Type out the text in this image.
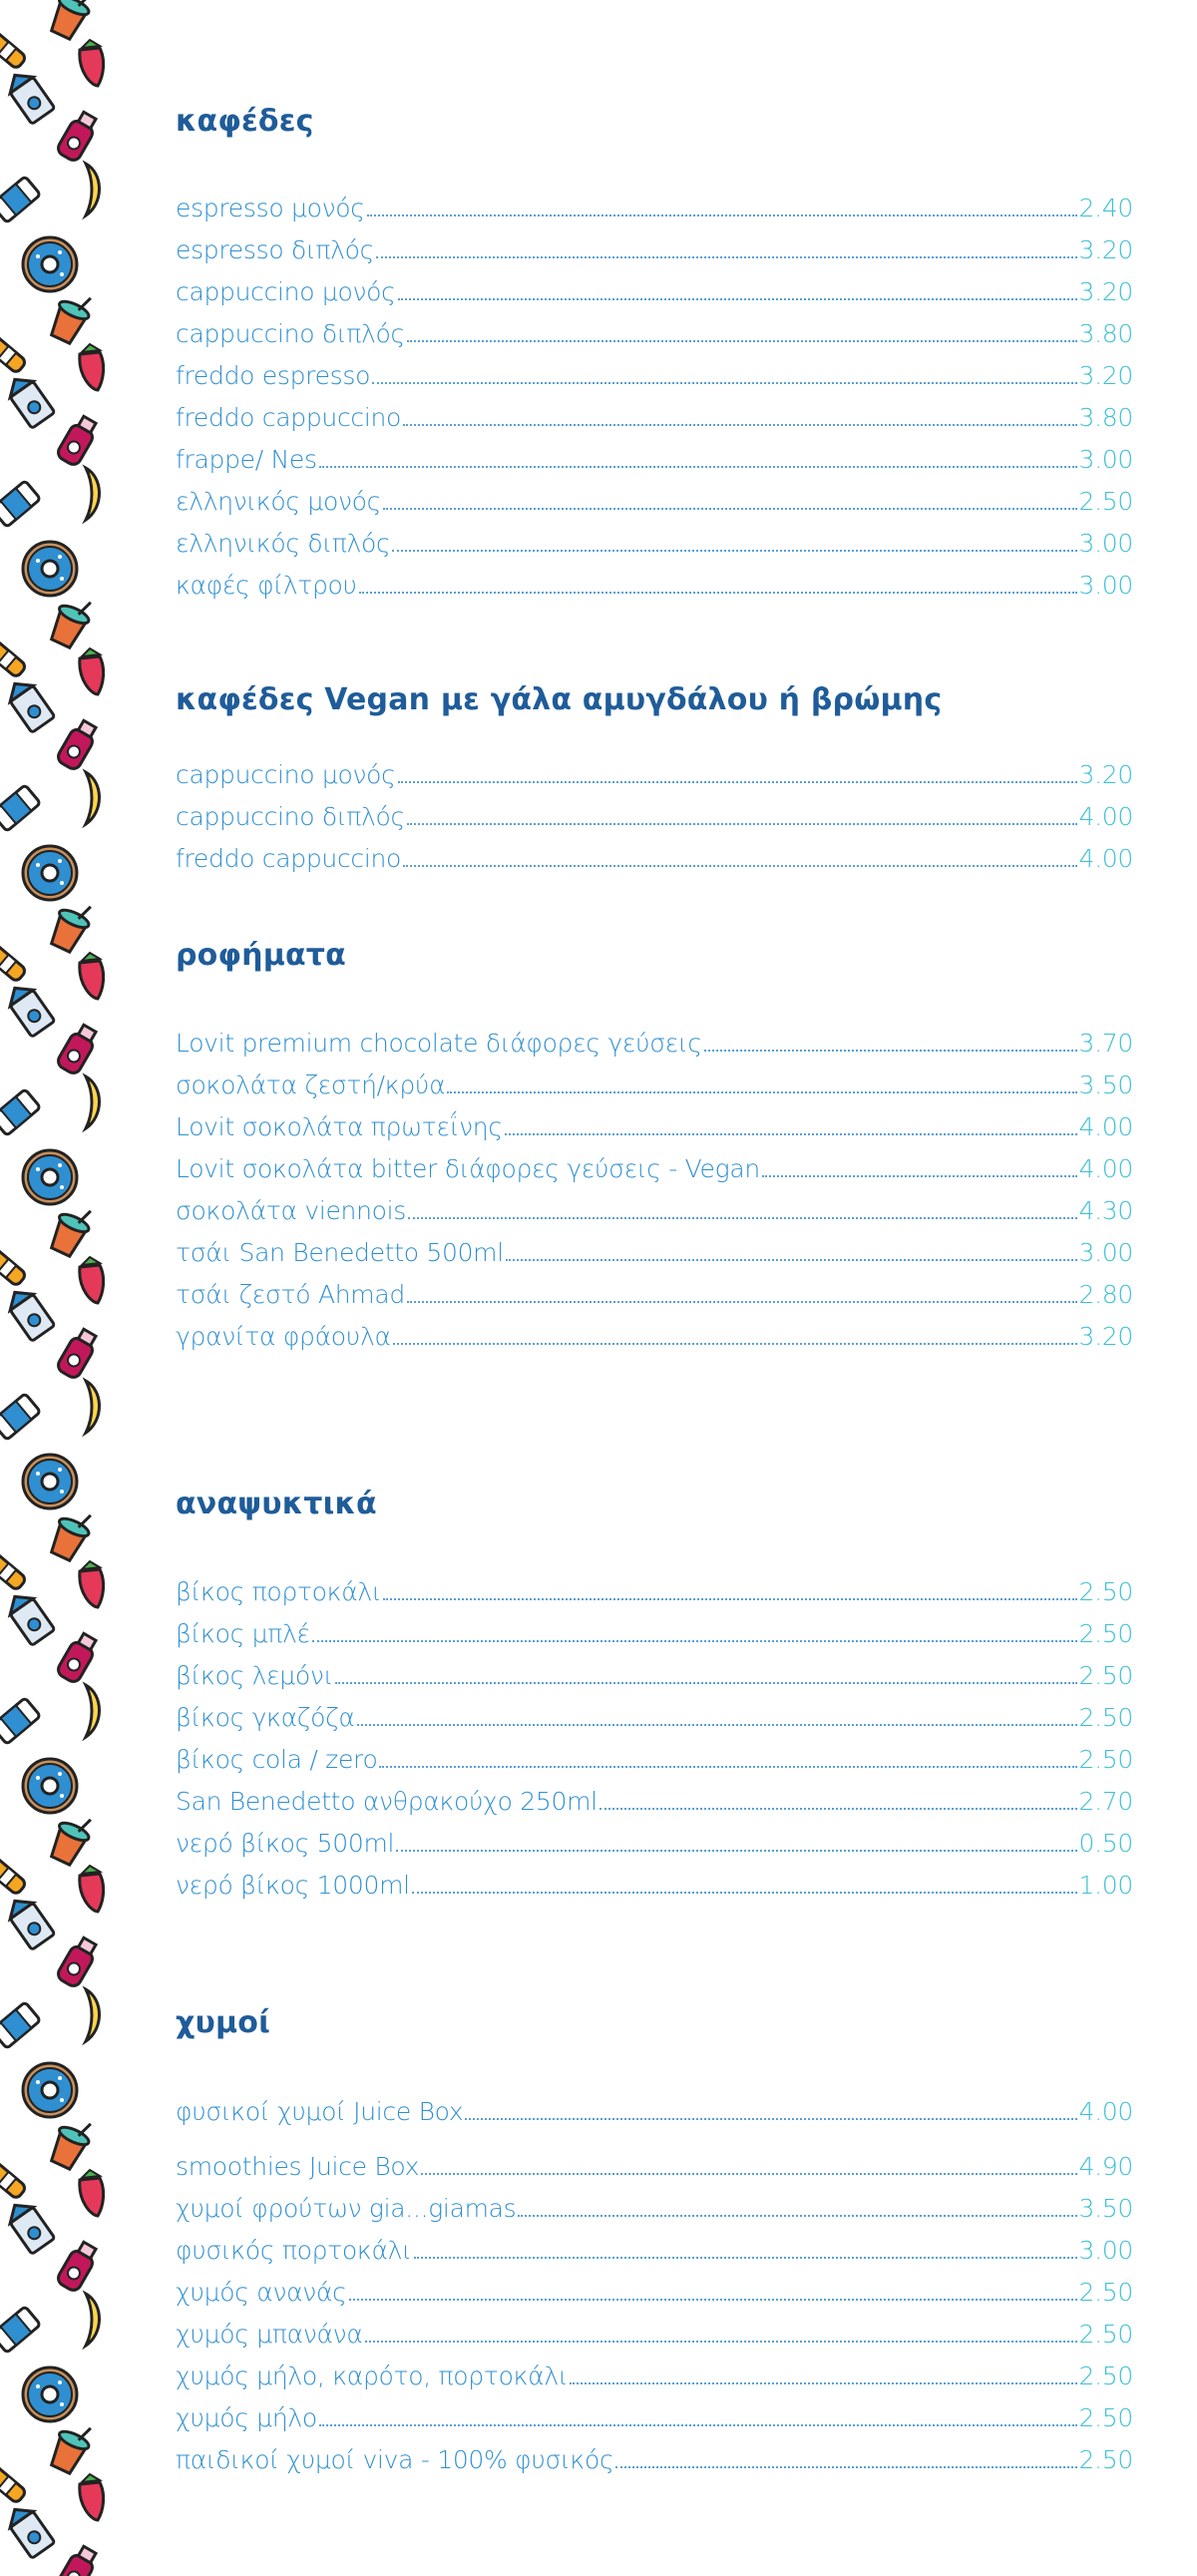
καφέδες
espresso μονός	2.40
espresso διπλός	3.20
cappuccino μονός	3.20
cappuccino διπλός	3.80
freddo espresso	3.20
freddo cappuccino	3.80
frappe/ Nes	3.00
ελληνικός μονός	2.50
ελληνικός διπλός	3.00
καφές φίλτρου	3.00
καφέδες Vegan με γάλα αμυγδάλου ή βρώμης
cappuccino μονός	3.20
cappuccino διπλός	4.00
freddo cappuccino	4.00
ροφήματα
Lovit premium chocolate διάφορες γεύσεις	3.70
σοκολάτα ζεστή/κρύα	3.50
Lovit σοκολάτα πρωτεΐνης	4.00
Lovit σοκολάτα bitter διάφορες γεύσεις - Vegan	4.00
σοκολάτα viennois	4.30
τσάι San Benedetto 500ml	3.00
τσάι ζεστό Ahmad	2.80
γρανίτα φράουλα	3.20
αναψυκτικά
βίκος πορτοκάλι	2.50
βίκος μπλέ	2.50
βίκος λεμόνι	2.50
βίκος γκαζόζα	2.50
βίκος cola / zero	2.50
San Benedetto ανθρακούχο 250ml	2.70
νερό βίκος 500ml	0.50
νερό βίκος 1000ml	1.00
χυμοί
φυσικοί χυμοί Juice Box	4.00
smoothies Juice Box	4.90
χυμοί φρούτων gia...giamas	3.50
φυσικός πορτοκάλι	3.00
χυμός ανανάς	2.50
χυμός μπανάνα	2.50
χυμός μήλο, καρότο, πορτοκάλι	2.50
χυμός μήλο	2.50
παιδικοί χυμοί viva - 100% φυσικός	2.50
